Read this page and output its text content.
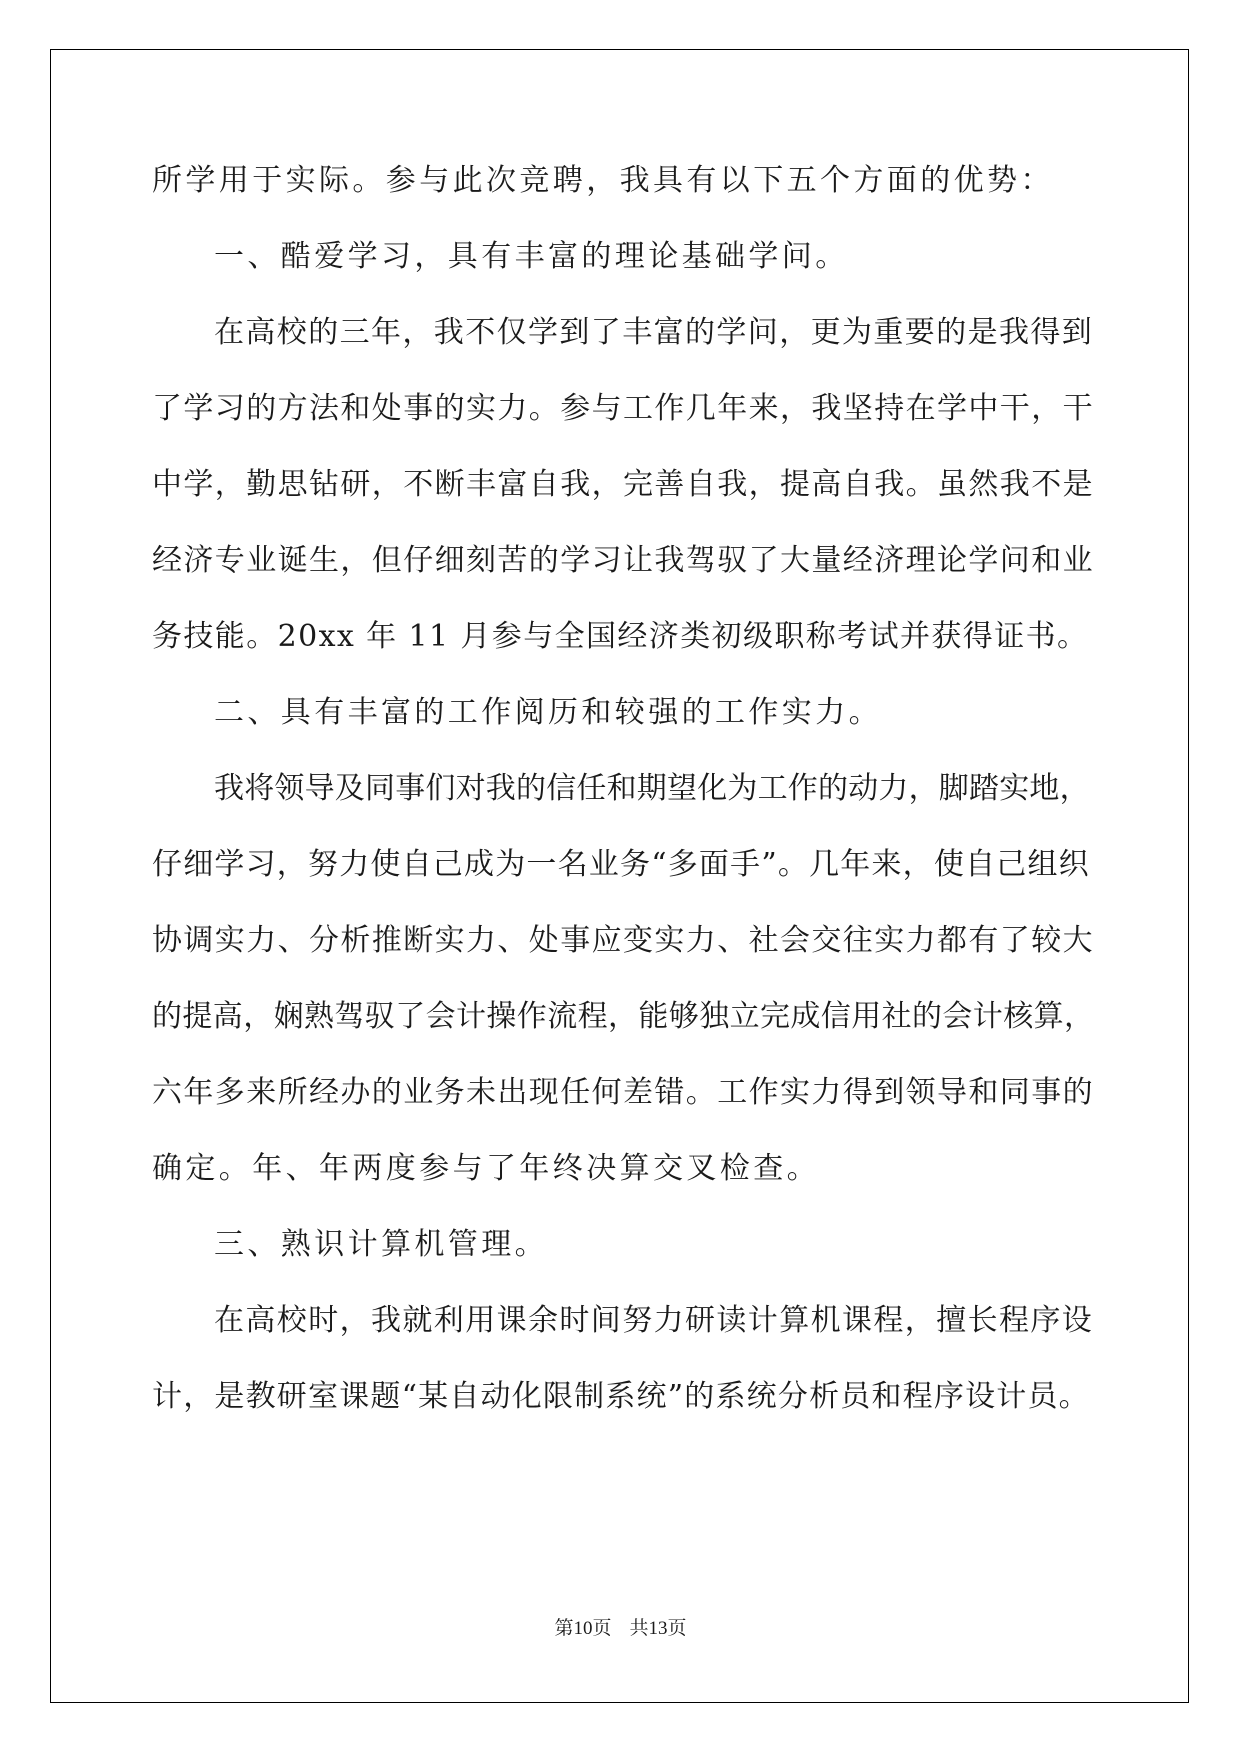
所学用于实际。参与此次竞聘，我具有以下五个方面的优势：
一、酷爱学习，具有丰富的理论基础学问。
在高校的三年，我不仅学到了丰富的学问，更为重要的是我得到
了学习的方法和处事的实力。参与工作几年来，我坚持在学中干，干
中学，勤思钻研，不断丰富自我，完善自我，提高自我。虽然我不是
经济专业诞生，但仔细刻苦的学习让我驾驭了大量经济理论学问和业
务技能。20xx 年 11 月参与全国经济类初级职称考试并获得证书。
二、具有丰富的工作阅历和较强的工作实力。
我将领导及同事们对我的信任和期望化为工作的动力，脚踏实地，
仔细学习，努力使自己成为一名业务“多面手”。几年来，使自己组织
协调实力、分析推断实力、处事应变实力、社会交往实力都有了较大
的提高，娴熟驾驭了会计操作流程，能够独立完成信用社的会计核算，
六年多来所经办的业务未出现任何差错。工作实力得到领导和同事的
确定。年、年两度参与了年终决算交叉检查。
三、熟识计算机管理。
在高校时，我就利用课余时间努力研读计算机课程，擅长程序设
计，是教研室课题“某自动化限制系统”的系统分析员和程序设计员。
第10页 共13页
